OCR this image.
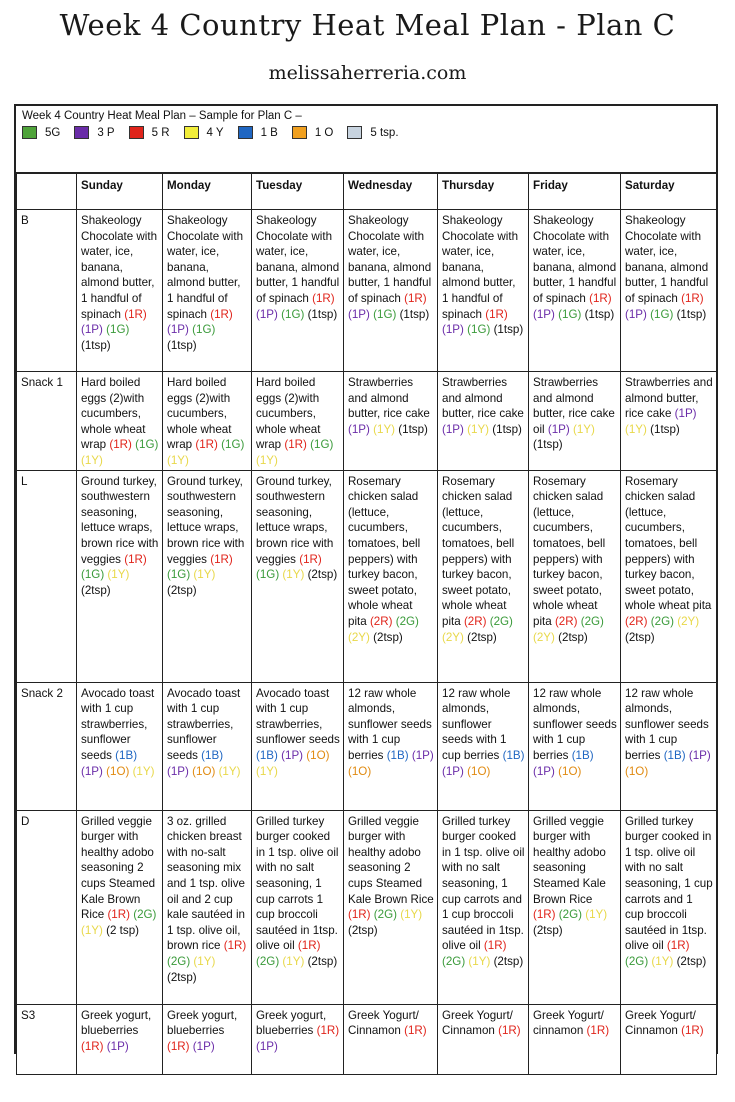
Week 4 Country Heat Meal Plan - Plan C
melissaherreria.com
Week 4 Country Heat Meal Plan – Sample for Plan C –
5G	3 P	5 R	4 Y	1 B	1 O	5 tsp.
	Sunday	Monday	Tuesday	Wednesday	Thursday	Friday	Saturday
B	Shakeology Chocolate with water, ice, banana, almond butter, 1 handful of spinach (1R) (1P) (1G) (1tsp)	Shakeology Chocolate with water, ice, banana, almond butter, 1 handful of spinach (1R) (1P) (1G) (1tsp)	Shakeology Chocolate with water, ice, banana, almond butter, 1 handful of spinach (1R) (1P) (1G) (1tsp)	Shakeology Chocolate with water, ice, banana, almond butter, 1 handful of spinach (1R) (1P) (1G) (1tsp)	Shakeology Chocolate with water, ice, banana, almond butter, 1 handful of spinach (1R) (1P) (1G) (1tsp)	Shakeology Chocolate with water, ice, banana, almond butter, 1 handful of spinach (1R) (1P) (1G) (1tsp)	Shakeology Chocolate with water, ice, banana, almond butter, 1 handful of spinach (1R) (1P) (1G) (1tsp)
Snack 1	Hard boiled eggs (2)with cucumbers, whole wheat wrap (1R) (1G) (1Y)	Hard boiled eggs (2)with cucumbers, whole wheat wrap (1R) (1G) (1Y)	Hard boiled eggs (2)with cucumbers, whole wheat wrap (1R) (1G) (1Y)	Strawberries and almond butter, rice cake (1P) (1Y) (1tsp)	Strawberries and almond butter, rice cake (1P) (1Y) (1tsp)	Strawberries and almond butter, rice cake oil (1P) (1Y) (1tsp)	Strawberries and almond butter, rice cake (1P) (1Y) (1tsp)
L	Ground turkey, southwestern seasoning, lettuce wraps, brown rice with veggies (1R) (1G) (1Y) (2tsp)	Ground turkey, southwestern seasoning, lettuce wraps, brown rice with veggies (1R) (1G) (1Y) (2tsp)	Ground turkey, southwestern seasoning, lettuce wraps, brown rice with veggies (1R) (1G) (1Y) (2tsp)	Rosemary chicken salad (lettuce, cucumbers, tomatoes, bell peppers) with turkey bacon, sweet potato, whole wheat pita (2R) (2G) (2Y) (2tsp)	Rosemary chicken salad (lettuce, cucumbers, tomatoes, bell peppers) with turkey bacon, sweet potato, whole wheat pita (2R) (2G) (2Y) (2tsp)	Rosemary chicken salad (lettuce, cucumbers, tomatoes, bell peppers) with turkey bacon, sweet potato, whole wheat pita (2R) (2G) (2Y) (2tsp)	Rosemary chicken salad (lettuce, cucumbers, tomatoes, bell peppers) with turkey bacon, sweet potato, whole wheat pita (2R) (2G) (2Y) (2tsp)
Snack 2	Avocado toast with 1 cup strawberries, sunflower seeds (1B) (1P) (1O) (1Y)	Avocado toast with 1 cup strawberries, sunflower seeds (1B) (1P) (1O) (1Y)	Avocado toast with 1 cup strawberries, sunflower seeds (1B) (1P) (1O) (1Y)	12 raw whole almonds, sunflower seeds with 1 cup berries (1B) (1P) (1O)	12 raw whole almonds, sunflower seeds with 1 cup berries (1B) (1P) (1O)	12 raw whole almonds, sunflower seeds with 1 cup berries (1B) (1P) (1O)	12 raw whole almonds, sunflower seeds with 1 cup berries (1B) (1P) (1O)
D	Grilled veggie burger with healthy adobo seasoning 2 cups Steamed Kale Brown Rice (1R) (2G) (1Y) (2 tsp)	3 oz. grilled chicken breast with no-salt seasoning mix and 1 tsp. olive oil and 2 cup kale sautéed in 1 tsp. olive oil, brown rice (1R) (2G) (1Y) (2tsp)	Grilled turkey burger cooked in 1 tsp. olive oil with no salt seasoning, 1 cup carrots 1 cup broccoli sautéed in 1tsp. olive oil (1R) (2G) (1Y) (2tsp)	Grilled veggie burger with healthy adobo seasoning 2 cups Steamed Kale Brown Rice (1R) (2G) (1Y) (2tsp)	Grilled turkey burger cooked in 1 tsp. olive oil with no salt seasoning, 1 cup carrots and 1 cup broccoli sautéed in 1tsp. olive oil (1R) (2G) (1Y) (2tsp)	Grilled veggie burger with healthy adobo seasoning Steamed Kale Brown Rice (1R) (2G) (1Y) (2tsp)	Grilled turkey burger cooked in 1 tsp. olive oil with no salt seasoning, 1 cup carrots and 1 cup broccoli sautéed in 1tsp. olive oil (1R) (2G) (1Y) (2tsp)
S3	Greek yogurt, blueberries (1R) (1P)	Greek yogurt, blueberries (1R) (1P)	Greek yogurt, blueberries (1R) (1P)	Greek Yogurt/ Cinnamon (1R)	Greek Yogurt/ Cinnamon (1R)	Greek Yogurt/ cinnamon (1R)	Greek Yogurt/ Cinnamon (1R)
